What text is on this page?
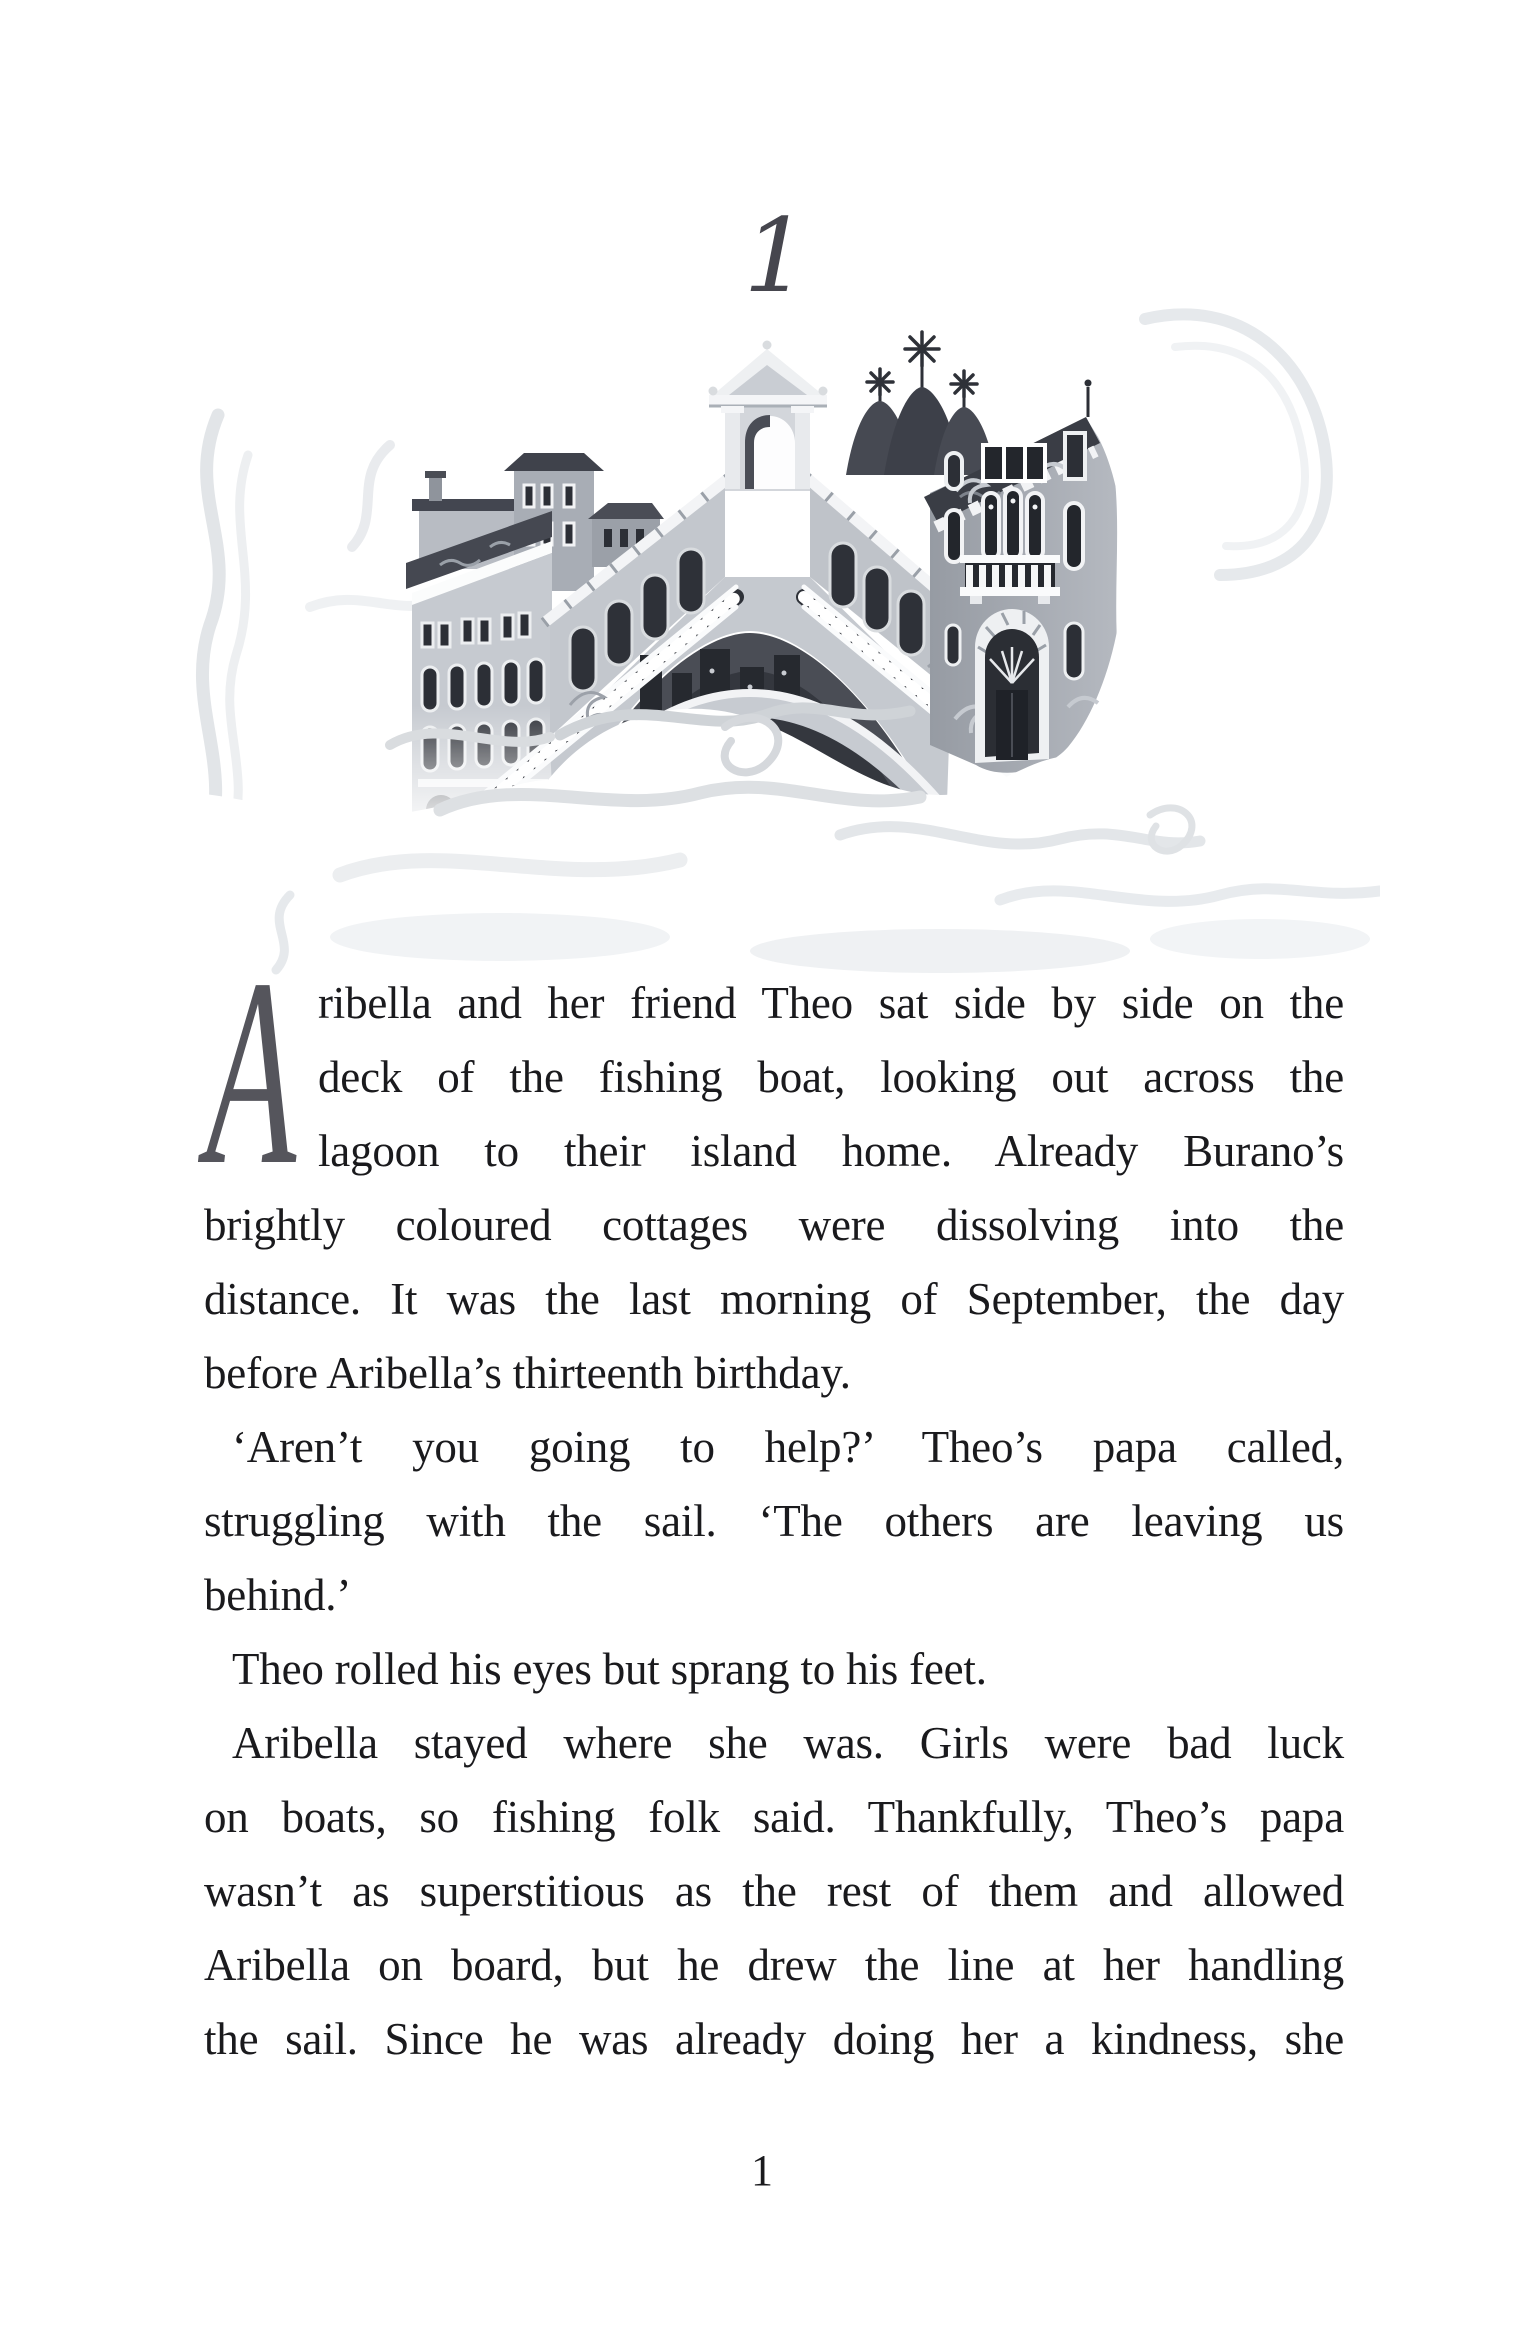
1
A ribella and her friend Theo sat side by side on the
deck of the fishing boat, looking out across the
lagoon to their island home. Already Burano’s
brightly coloured cottages were dissolving into the
distance. It was the last morning of September, the day
before Aribella’s thirteenth birthday.
‘Aren’t you going to help?’ Theo’s papa called,
struggling with the sail. ‘The others are leaving us
behind.’
Theo rolled his eyes but sprang to his feet.
Aribella stayed where she was. Girls were bad luck
on boats, so fishing folk said. Thankfully, Theo’s papa
wasn’t as superstitious as the rest of them and allowed
Aribella on board, but he drew the line at her handling
the sail. Since he was already doing her a kindness, she
1
